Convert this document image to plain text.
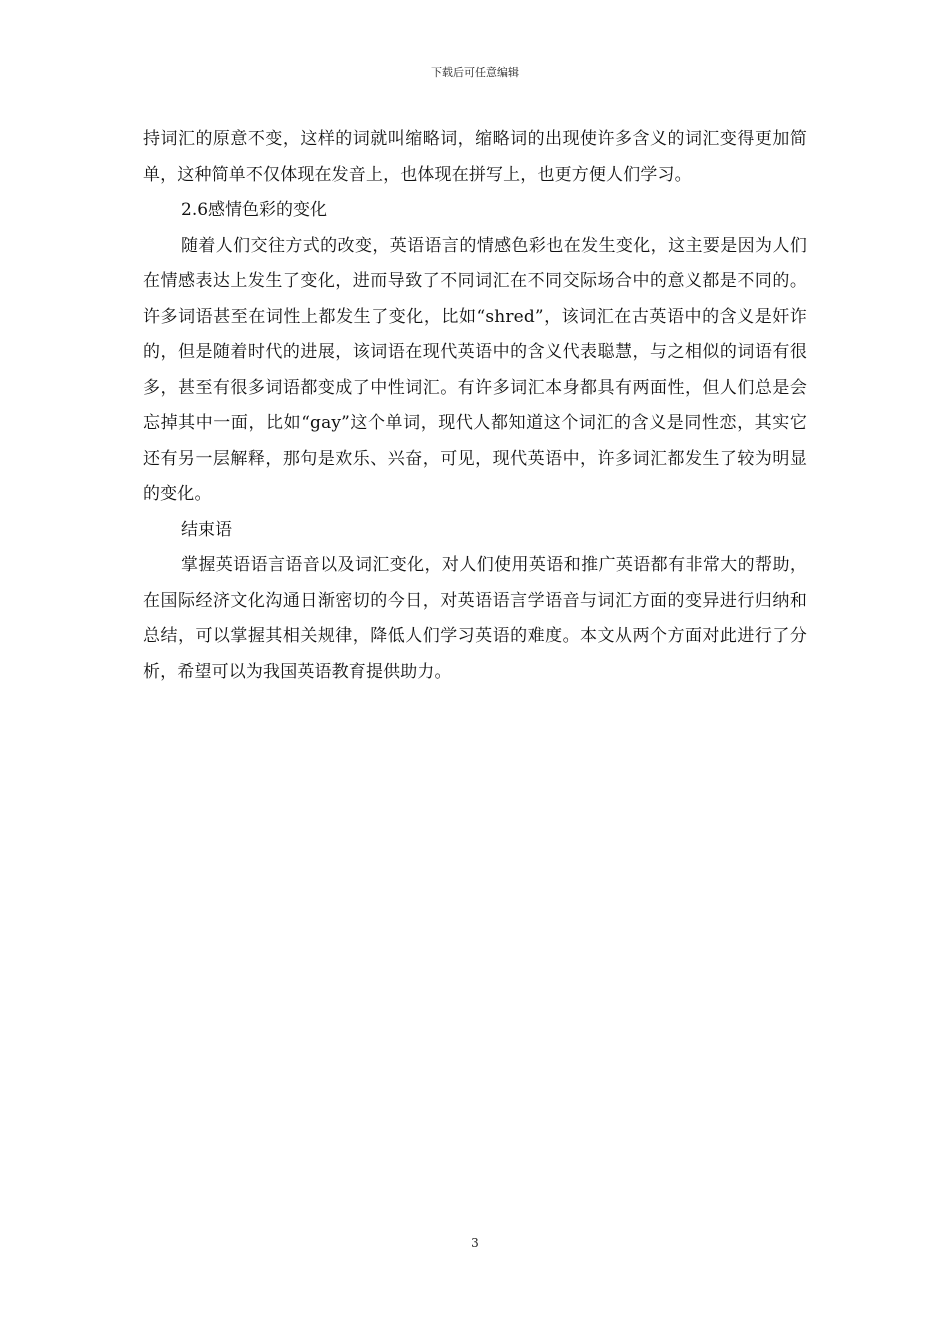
下载后可任意编辑

持词汇的原意不变，这样的词就叫缩略词，缩略词的出现使许多含义的词汇变得更加简单，这种简单不仅体现在发音上，也体现在拼写上，也更方便人们学习。

2.6感情色彩的变化

随着人们交往方式的改变，英语语言的情感色彩也在发生变化，这主要是因为人们在情感表达上发生了变化，进而导致了不同词汇在不同交际场合中的意义都是不同的。许多词语甚至在词性上都发生了变化，比如“shred”，该词汇在古英语中的含义是奸诈的，但是随着时代的进展，该词语在现代英语中的含义代表聪慧，与之相似的词语有很多，甚至有很多词语都变成了中性词汇。有许多词汇本身都具有两面性，但人们总是会忘掉其中一面，比如“gay”这个单词，现代人都知道这个词汇的含义是同性恋，其实它还有另一层解释，那句是欢乐、兴奋，可见，现代英语中，许多词汇都发生了较为明显的变化。

结束语

掌握英语语言语音以及词汇变化，对人们使用英语和推广英语都有非常大的帮助，在国际经济文化沟通日渐密切的今日，对英语语言学语音与词汇方面的变异进行归纳和总结，可以掌握其相关规律，降低人们学习英语的难度。本文从两个方面对此进行了分析，希望可以为我国英语教育提供助力。

3
